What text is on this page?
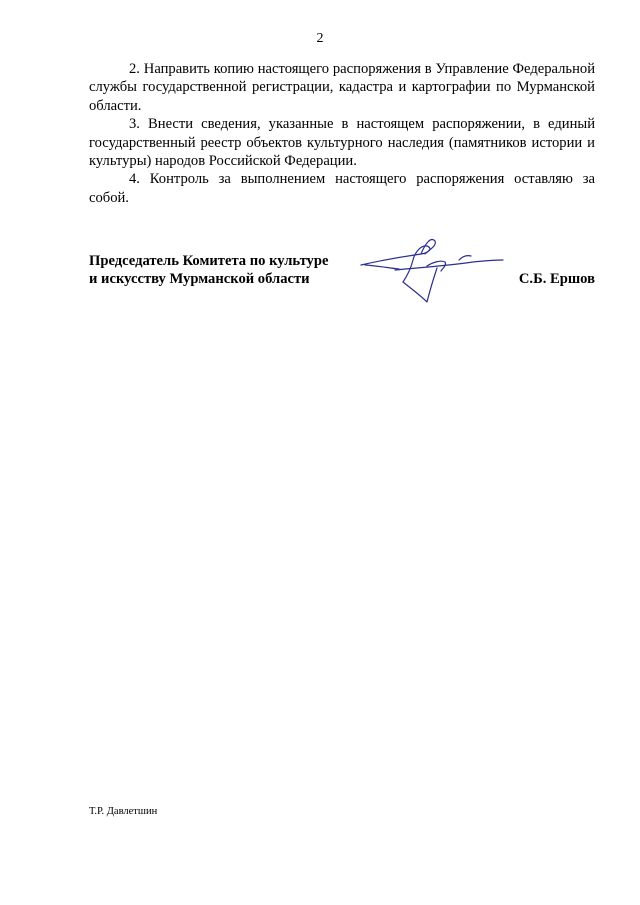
2

2. Направить копию настоящего распоряжения в Управление Федеральной службы государственной регистрации, кадастра и картографии по Мурманской области.

3. Внести сведения, указанные в настоящем распоряжении, в единый государственный реестр объектов культурного наследия (памятников истории и культуры) народов Российской Федерации.

4. Контроль за выполнением настоящего распоряжения оставляю за собой.

Председатель Комитета по культуре
и искусству Мурманской области	С.Б. Ершов
Т.Р. Давлетшин
